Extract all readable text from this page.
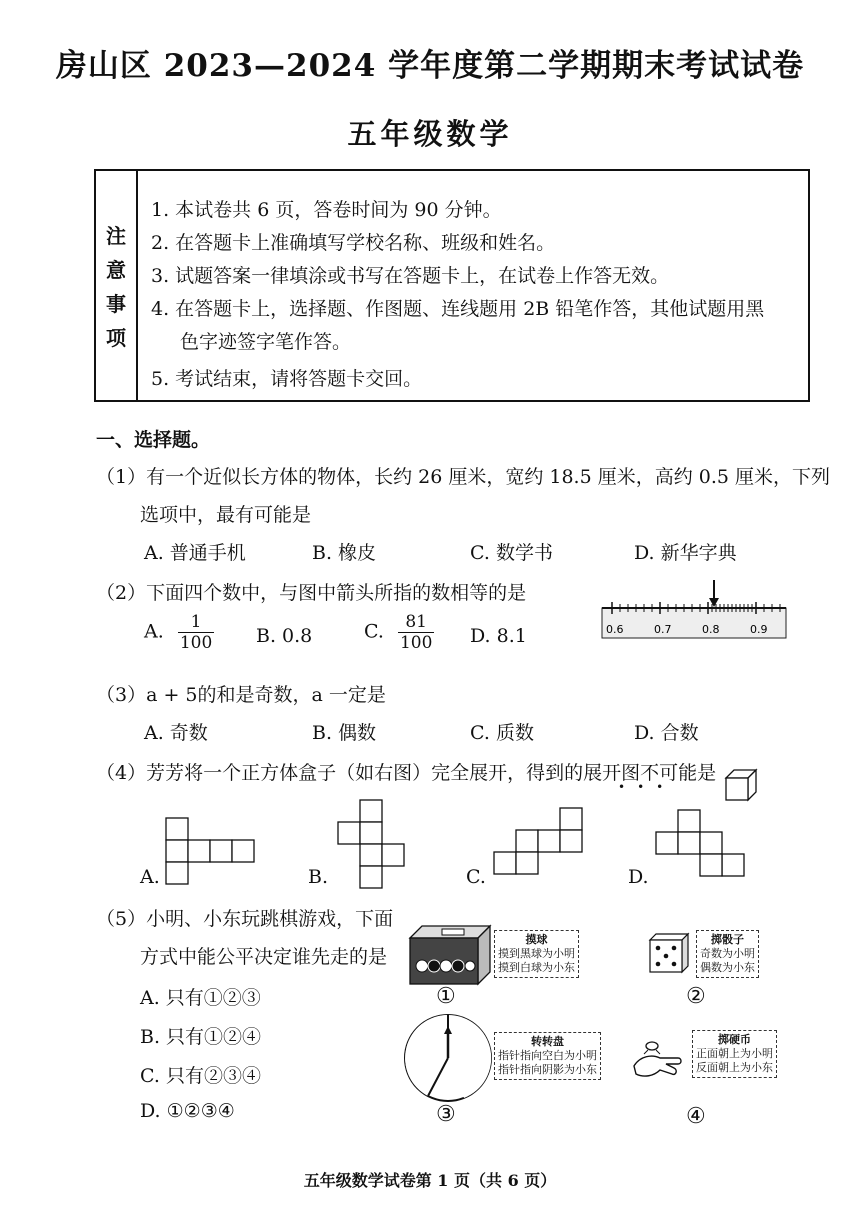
房山区 2023—2024 学年度第二学期期末考试试卷
五年级数学
注
意
事
项
1. 本试卷共 6 页，答卷时间为 90 分钟。
2. 在答题卡上准确填写学校名称、班级和姓名。
3. 试题答案一律填涂或书写在答题卡上，在试卷上作答无效。
4. 在答题卡上，选择题、作图题、连线题用 2B 铅笔作答，其他试题用黑
色字迹签字笔作答。
5. 考试结束，请将答题卡交回。
一、选择题。
（1）有一个近似长方体的物体，长约 26 厘米，宽约 18.5 厘米，高约 0.5 厘米，下列
选项中，最有可能是
A. 普通手机	B. 橡皮	C. 数学书	D. 新华字典
（2）下面四个数中，与图中箭头所指的数相等的是
A. $\frac{1}{100} B$. 0.8	C. $\frac{81}{100} D$. 8.1	0.6	0.7	0.8	0.9
（3）a + 5的和是奇数，a 一定是
A. 奇数	B. 偶数	C. 质数	D. 合数
（4）芳芳将一个正方体盒子（如右图）完全展开，得到的展开图不可能是
•••
A.	B.	C.	D.
（5）小明、小东玩跳棋游戏，下面
方式中能公平决定谁先走的是
A. 只有①②③
B. 只有①②④
C. 只有②③④
D. ①②③④
摸球
摸到黑球为小明
摸到白球为小东
①
掷骰子
奇数为小明
偶数为小东
②
转转盘
指针指向空白为小明
指针指向阴影为小东
③
掷硬币
正面朝上为小明
反面朝上为小东
④
五年级数学试卷第 1 页（共 6 页）
